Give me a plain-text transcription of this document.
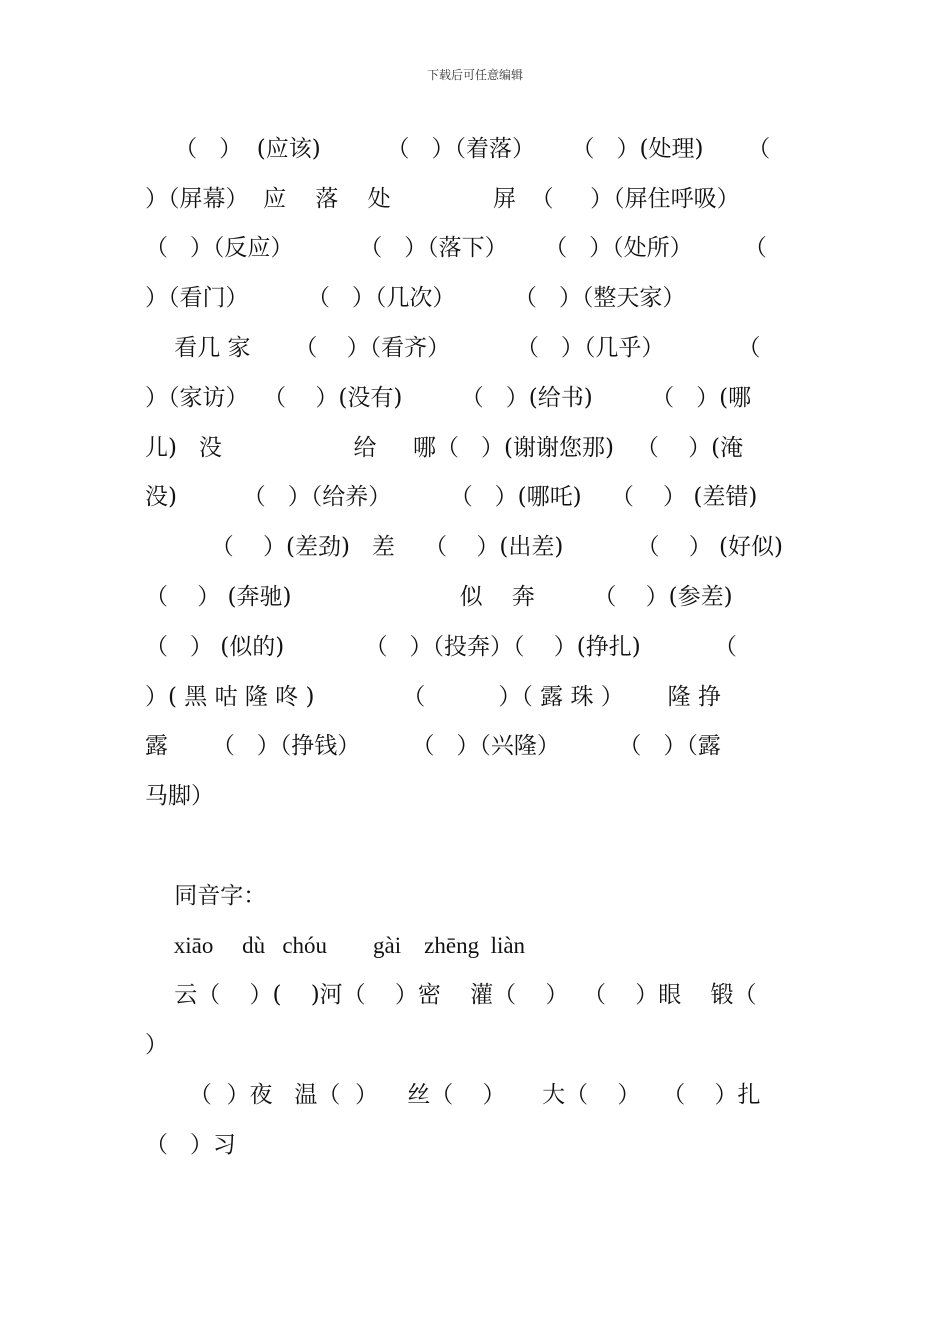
下载后可任意编辑
（   ）  (应该)         （   ）（着落）     （   ）(处理)      （
）（屏幕）  应    落    处              屏  （     ）（屏住呼吸）
（   ）（反应）         （   ）（落下）     （   ）（处所）       （
）（看门）        （   ）（几次）        （   ）（整天家）
看几 家      （    ）（看齐）         （   ）（几乎）          （
）（家访）  （    ）(没有)        （   ）(给书)        （   ）(哪
儿)   没                  给     哪（   ）(谢谢您那)   （    ）(淹
没)         （   ）（给养）        （   ）(哪吒)    （    ） (差错)
（    ）(差劲)   差    （    ）(出差)          （    ） (好似)
（    ） (奔驰)                       似    奔        （    ）(参差)
（   ） (似的)           （   ）（投奔）（    ）(挣扎)          （
）( 黑 咕 隆 咚 )            （          ）（ 露 珠 ）      隆 挣
露      （   ）（挣钱）       （   ）（兴隆）        （   ）（露
马脚）
同音字：
xiāo     dù   chóu        gài    zhēng  liàn
云（    ）(    )河（    ）密    灌（    ）  （    ）眼    锻（
）
（  ）夜   温（  ）    丝（    ）     大（    ）   （    ）扎
（   ）习
